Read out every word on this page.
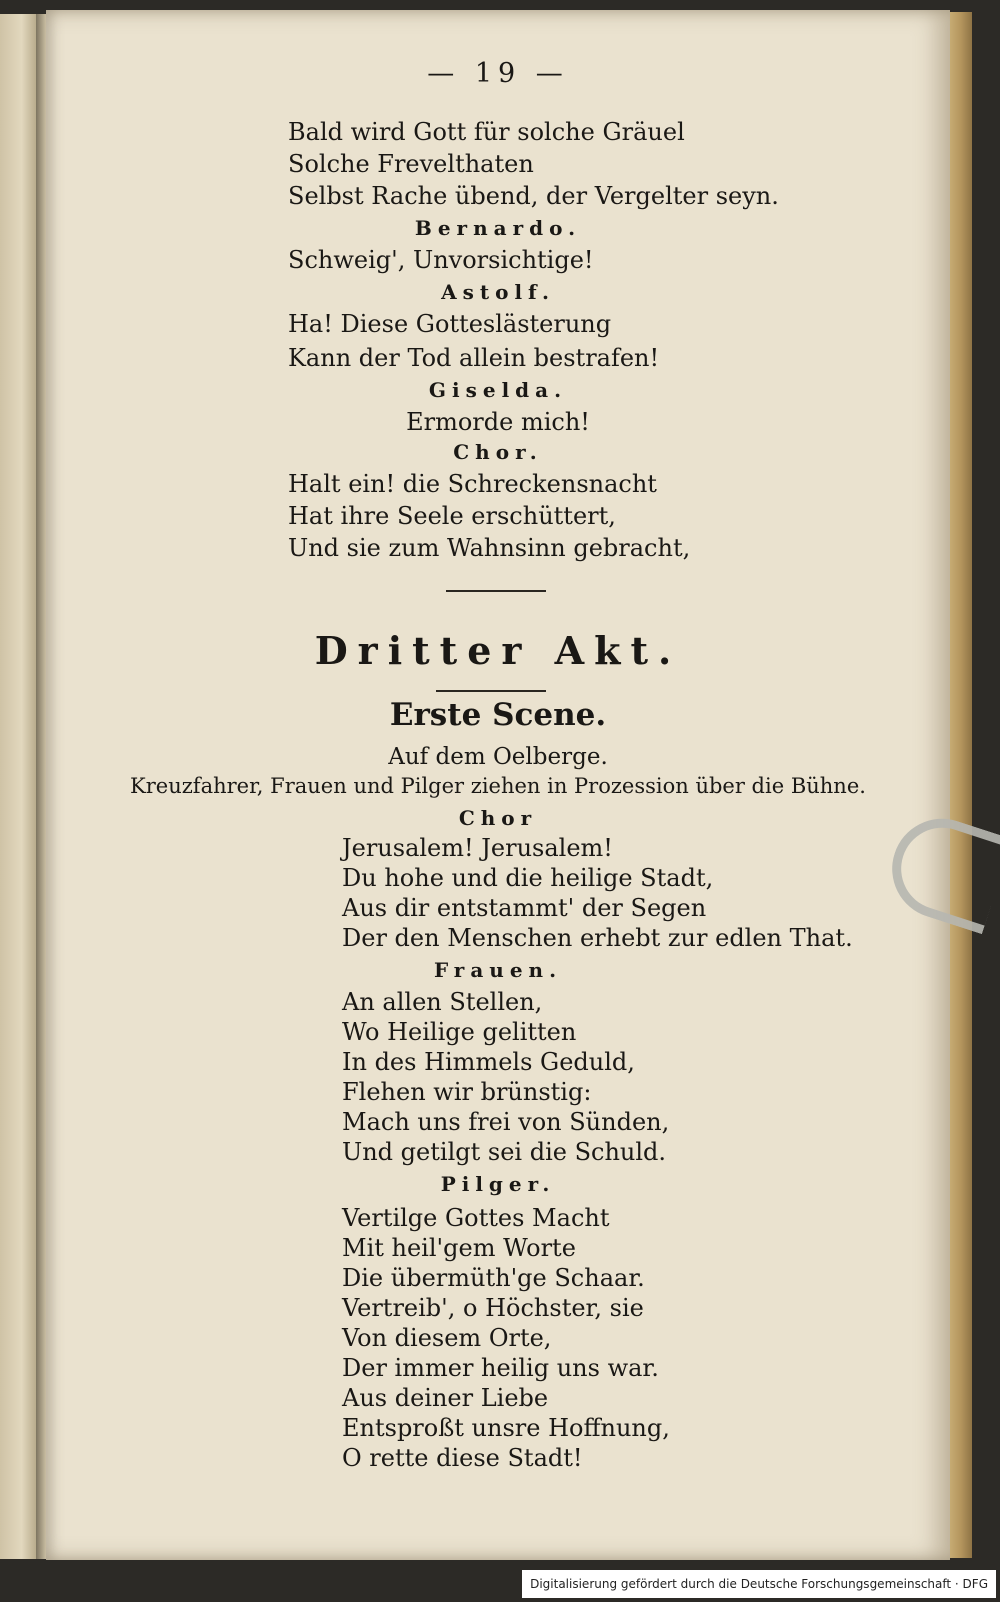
— 19 —
Bald wird Gott für solche Gräuel
Solche Frevelthaten
Selbst Rache übend, der Vergelter seyn.
Bernardo.
Schweig', Unvorsichtige!
Astolf.
Ha! Diese Gotteslästerung
Kann der Tod allein bestrafen!
Giselda.
Ermorde mich!
Chor.
Halt ein! die Schreckensnacht
Hat ihre Seele erschüttert,
Und sie zum Wahnsinn gebracht,
Dritter Akt.
Erste Scene.
Auf dem Oelberge.
Kreuzfahrer, Frauen und Pilger ziehen in Prozession über die Bühne.
Chor
Jerusalem! Jerusalem!
Du hohe und die heilige Stadt,
Aus dir entstammt' der Segen
Der den Menschen erhebt zur edlen That.
Frauen.
An allen Stellen,
Wo Heilige gelitten
In des Himmels Geduld,
Flehen wir brünstig:
Mach uns frei von Sünden,
Und getilgt sei die Schuld.
Pilger.
Vertilge Gottes Macht
Mit heil'gem Worte
Die übermüth'ge Schaar.
Vertreib', o Höchster, sie
Von diesem Orte,
Der immer heilig uns war.
Aus deiner Liebe
Entsproßt unsre Hoffnung,
O rette diese Stadt!
Digitalisierung gefördert durch die Deutsche Forschungsgemeinschaft · DFG
